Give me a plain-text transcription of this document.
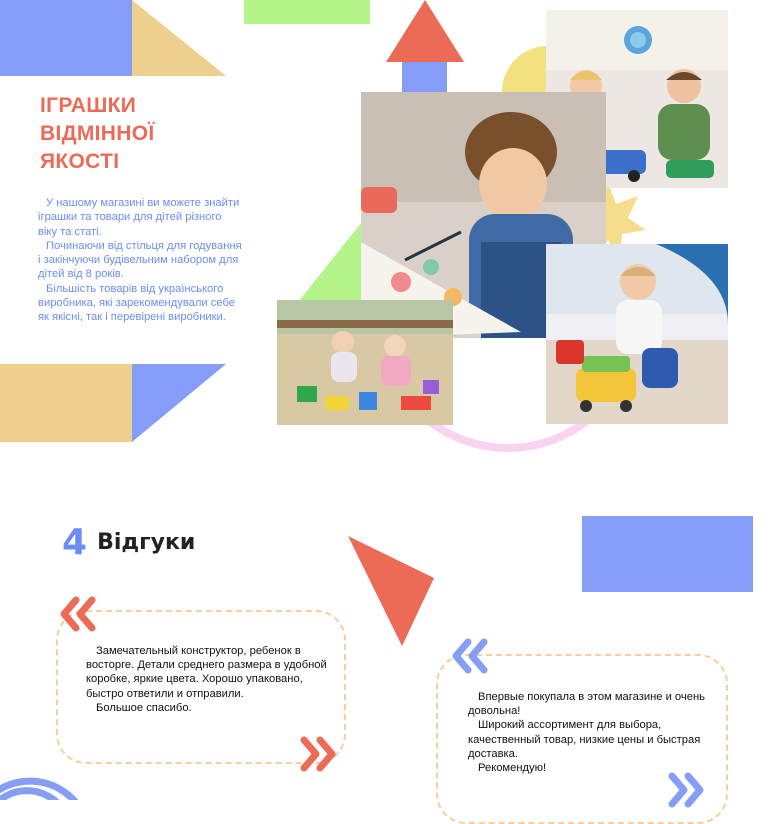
ІГРАШКИ
ВІДМІННОЇ
ЯКОСТІ

У нашому магазині ви можете знайти іграшки та товари для дітей різного віку та статі.

Починаючи від стільця для годування і закінчуючи будівельним набором для дітей від 8 років.

Більшість товарів від українського виробника, які зарекомендували себе як якісні, так і перевірені виробники.

4 Відгуки

Замечательный конструктор, ребенок в восторге. Детали среднего размера в удобной коробке, яркие цвета. Хорошо упаковано, быстро ответили и отправили.

Большое спасибо.

Впервые покупала в этом магазине и очень довольна!

Широкий ассортимент для выбора, качественный товар, низкие цены и быстрая доставка.

Рекомендую!
